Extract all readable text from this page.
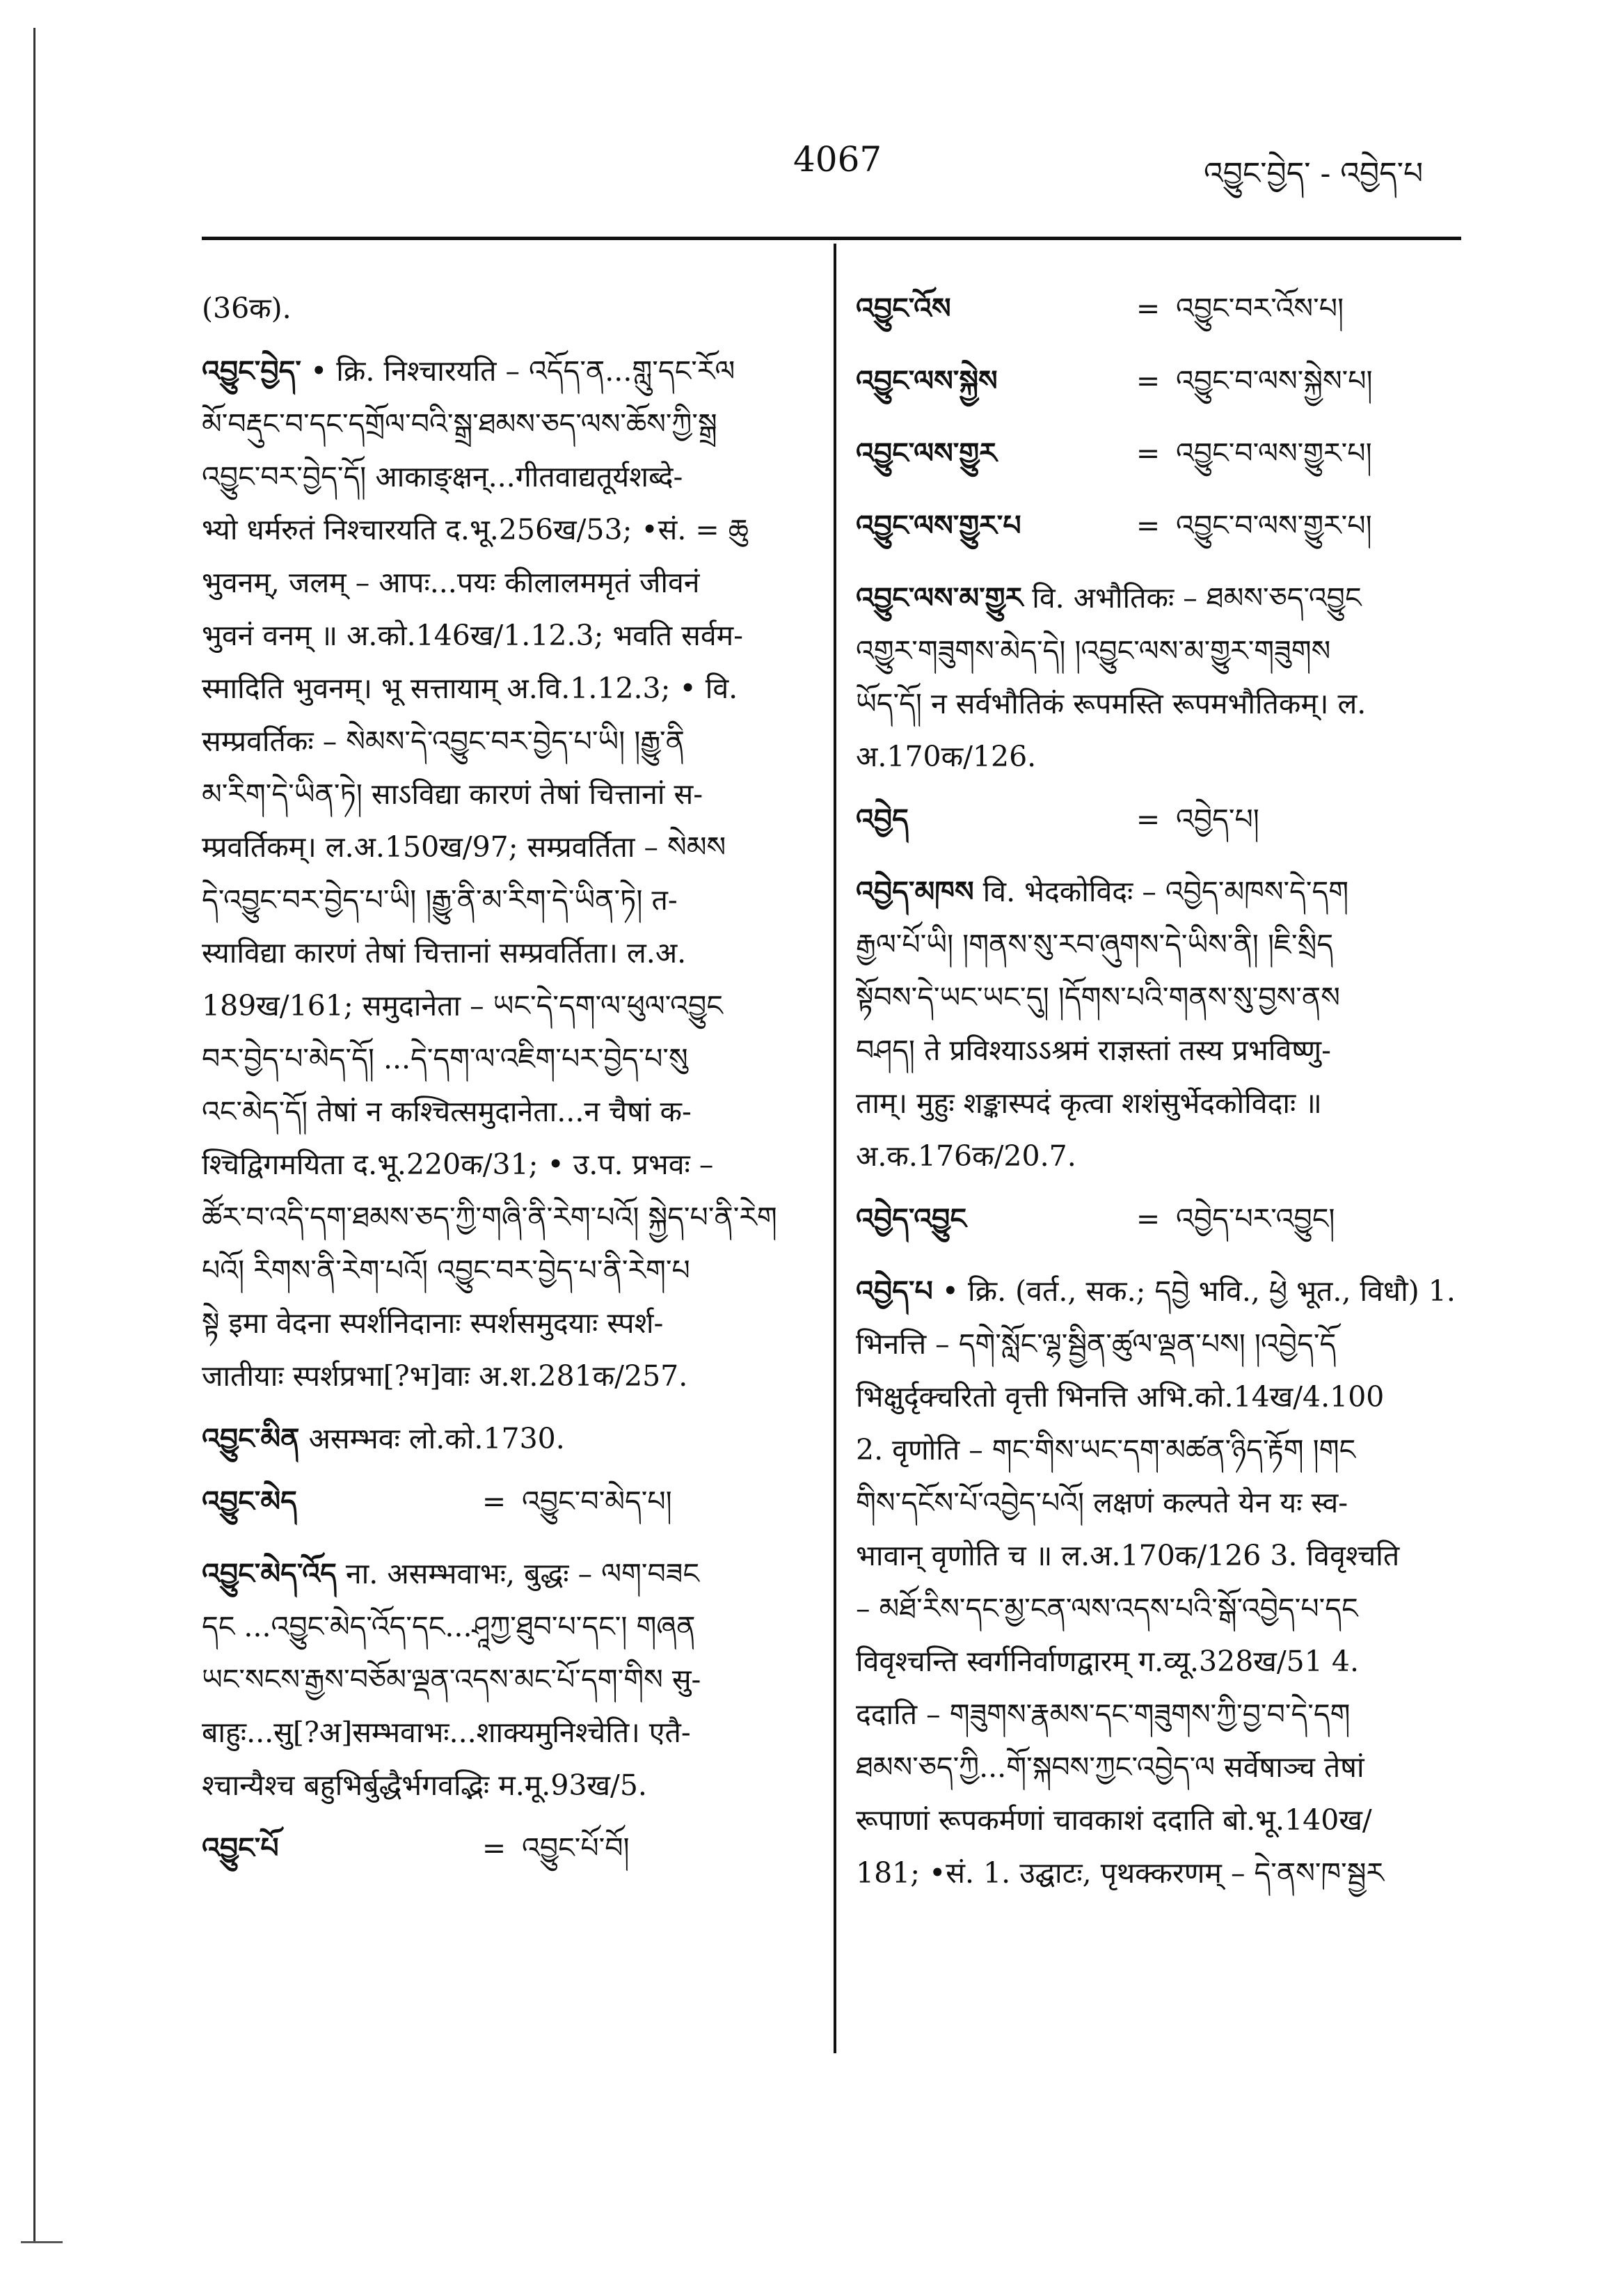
4067	འབྱུང་བྱེད་ - འབྱེད་པ
(36क).
འབྱུང་བྱེད་ • क्रि. निश्चारयति – འདོད་ན...གླུ་དང་རོལ
མོ་བརྡུང་བ་དང་དགྲོལ་བའི་སྒྲ་ཐམས་ཅད་ལས་ཆོས་ཀྱི་སྒྲ
འབྱུང་བར་བྱེད་དོ། आकाङ्क्षन्...गीतवाद्यतूर्यशब्दे-
भ्यो धर्मरुतं निश्चारयति द.भू.256ख/53; •सं. = ཆུ
भुवनम्, जलम् – आपः...पयः कीलालममृतं जीवनं
भुवनं वनम् ॥ अ.को.146ख/1.12.3; भवति सर्वम-
स्मादिति भुवनम्। भू सत्तायाम् अ.वि.1.12.3; • वि.
सम्प्रवर्तिकः – སེམས་དེ་འབྱུང་བར་བྱེད་པ་ཡི། །རྒྱུ་ནི
མ་རིག་དེ་ཡིན་ཏེ། साऽविद्या कारणं तेषां चित्तानां स-
म्प्रवर्तिकम्। ल.अ.150ख/97; सम्प्रवर्तिता – སེམས
དེ་འབྱུང་བར་བྱེད་པ་ཡི། །རྒྱུ་ནི་མ་རིག་དེ་ཡིན་ཏེ། त-
स्याविद्या कारणं तेषां चित्तानां सम्प्रवर्तिता। ल.अ.
189ख/161; समुदानेता – ཡང་དེ་དག་ལ་ཕུལ་འབྱུང
བར་བྱེད་པ་མེད་དོ། ...དེ་དག་ལ་འཇིག་པར་བྱེད་པ་སུ
འང་མེད་དོ། तेषां न कश्चित्समुदानेता...न चैषां क-
श्चिद्विगमयिता द.भू.220क/31; • उ.प. प्रभवः –
ཚོར་བ་འདི་དག་ཐམས་ཅད་ཀྱི་གཞི་ནི་རེག་པའོ། སྐྱེད་པ་ནི་རེག
པའོ། རིགས་ནི་རེག་པའོ། འབྱུང་བར་བྱེད་པ་ནི་རེག་པ
སྟེ इमा वेदना स्पर्शनिदानाः स्पर्शसमुदयाः स्पर्श-
जातीयाः स्पर्शप्रभा[?भ]वाः अ.श.281क/257.
འབྱུང་མིན असम्भवः लो.को.1730.
འབྱུང་མེད	= འབྱུང་བ་མེད་པ།
འབྱུང་མེད་འོད ना. असम्भवाभः, बुद्धः – ལག་བཟང
དང ...འབྱུང་མེད་འོད་དང...ཤཱཀྱ་ཐུབ་པ་དང་། གཞན
ཡང་སངས་རྒྱས་བཅོམ་ལྡན་འདས་མང་པོ་དག་གིས सु-
बाहुः...सु[?अ]सम्भवाभः...शाक्यमुनिश्चेति। एतै-
श्चान्यैश्च बहुभिर्बुद्धैर्भगवद्भिः म.मू.93ख/5.
འབྱུང་པོ	= འབྱུང་པོ་བོ།
འབྱུང་འོས	= འབྱུང་བར་འོས་པ།
འབྱུང་ལས་སྐྱེས	= འབྱུང་བ་ལས་སྐྱེས་པ།
འབྱུང་ལས་གྱུར	= འབྱུང་བ་ལས་གྱུར་པ།
འབྱུང་ལས་གྱུར་པ	= འབྱུང་བ་ལས་གྱུར་པ།
འབྱུང་ལས་མ་གྱུར वि. अभौतिकः – ཐམས་ཅད་འབྱུང
འགྱུར་གཟུགས་མེད་དེ། །འབྱུང་ལས་མ་གྱུར་གཟུགས
ཡོད་དོ། न सर्वभौतिकं रूपमस्ति रूपमभौतिकम्। ल.
अ.170क/126.
འབྱེད	= འབྱེད་པ།
འབྱེད་མཁས वि. भेदकोविदः – འབྱེད་མཁས་དེ་དག
རྒྱལ་པོ་ཡི། །གནས་སུ་རབ་ཞུགས་དེ་ཡིས་ནི། །ཇི་སྲིད
སྟོབས་དེ་ཡང་ཡང་དུ། །དོགས་པའི་གནས་སུ་བྱས་ནས
བཤད། ते प्रविश्याऽऽश्रमं राज्ञस्तां तस्य प्रभविष्णु-
ताम्। मुहुः शङ्कास्पदं कृत्वा शशंसुर्भेदकोविदाः ॥
अ.क.176क/20.7.
འབྱེད་འབྱུང	= འབྱེད་པར་འབྱུང།
འབྱེད་པ • क्रि. (वर्त., सक.; དབྱེ भवि., ཕྱེ भूत., विधौ) 1.
भिनत्ति – དགེ་སློང་ལྷ་སྦྱིན་ཚུལ་ལྡན་པས། །འབྱེད་དོ
भिक्षुर्दृक्चरितो वृत्ती भिनत्ति अभि.को.14ख/4.100
2. वृणोति – གང་གིས་ཡང་དག་མཚན་ཉིད་རྟོག །གང
གིས་དངོས་པོ་འབྱེད་པའོ། लक्षणं कल्पते येन यः स्व-
भावान् वृणोति च ॥ ल.अ.170क/126 3. विवृश्चति
– མཐོ་རིས་དང་མྱ་ངན་ལས་འདས་པའི་སྒོ་འབྱེད་པ་དང
विवृश्चन्ति स्वर्गनिर्वाणद्वारम् ग.व्यू.328ख/51 4.
ददाति – གཟུགས་རྣམས་དང་གཟུགས་ཀྱི་བྱ་བ་དེ་དག
ཐམས་ཅད་ཀྱི...གོ་སྐབས་ཀྱང་འབྱེད་ལ सर्वेषाञ्च तेषां
रूपाणां रूपकर्मणां चावकाशं ददाति बो.भू.140ख/
181; •सं. 1. उद्घाटः, पृथक्करणम् – དེ་ནས་ཁ་སྦྱར
